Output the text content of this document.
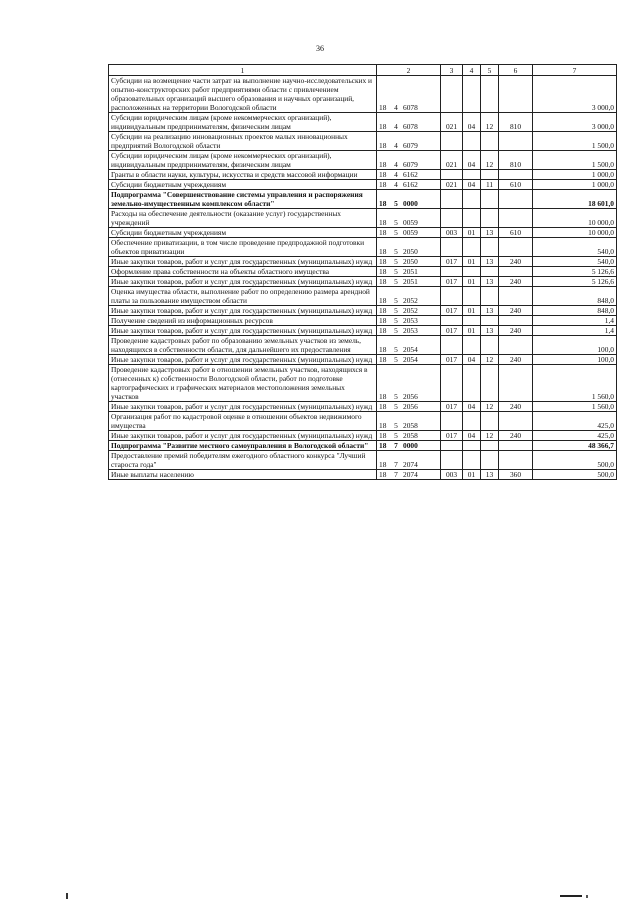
36
1	2	3	4	5	6	7
Субсидии на возмещение части затрат на выполнение научно-исследовательских и опытно-конструкторских работ предприятиями области с привлечением образовательных организаций высшего образования и научных организаций, расположенных на территории Вологодской области	18 4 6078					3 000,0
Субсидии юридическим лицам (кроме некоммерческих организаций), индивидуальным предпринимателям, физическим лицам	18 4 6078	021	04	12	810	3 000,0
Субсидии на реализацию инновационных проектов малых инновационных предприятий Вологодской области	18 4 6079					1 500,0
Субсидии юридическим лицам (кроме некоммерческих организаций), индивидуальным предпринимателям, физическим лицам	18 4 6079	021	04	12	810	1 500,0
Гранты в области науки, культуры, искусства и средств массовой информации	18 4 6162					1 000,0
Субсидии бюджетным учреждениям	18 4 6162	021	04	11	610	1 000,0
Подпрограмма "Совершенствование системы управления и распоряжения земельно-имущественным комплексом области"	18 5 0000					18 601,0
Расходы на обеспечение деятельности (оказание услуг) государственных учреждений	18 5 0059					10 000,0
Субсидии бюджетным учреждениям	18 5 0059	003	01	13	610	10 000,0
Обеспечение приватизации, в том числе проведение предпродажной подготовки объектов приватизации	18 5 2050					540,0
Иные закупки товаров, работ и услуг для государственных (муниципальных) нужд	18 5 2050	017	01	13	240	540,0
Оформление права собственности на объекты областного имущества	18 5 2051					5 126,6
Иные закупки товаров, работ и услуг для государственных (муниципальных) нужд	18 5 2051	017	01	13	240	5 126,6
Оценка имущества области, выполнение работ по определению размера арендной платы за пользование имуществом области	18 5 2052					848,0
Иные закупки товаров, работ и услуг для государственных (муниципальных) нужд	18 5 2052	017	01	13	240	848,0
Получение сведений из информационных ресурсов	18 5 2053					1,4
Иные закупки товаров, работ и услуг для государственных (муниципальных) нужд	18 5 2053	017	01	13	240	1,4
Проведение кадастровых работ по образованию земельных участков из земель, находящихся в собственности области, для дальнейшего их предоставления	18 5 2054					100,0
Иные закупки товаров, работ и услуг для государственных (муниципальных) нужд	18 5 2054	017	04	12	240	100,0
Проведение кадастровых работ в отношении земельных участков, находящихся в (отнесенных к) собственности Вологодской области, работ по подготовке картографических и графических материалов местоположения земельных участков	18 5 2056					1 560,0
Иные закупки товаров, работ и услуг для государственных (муниципальных) нужд	18 5 2056	017	04	12	240	1 560,0
Организация работ по кадастровой оценке в отношении объектов недвижимого имущества	18 5 2058					425,0
Иные закупки товаров, работ и услуг для государственных (муниципальных) нужд	18 5 2058	017	04	12	240	425,0
Подпрограмма "Развитие местного самоуправления в Вологодской области"	18 7 0000					48 366,7
Предоставление премий победителям ежегодного областного конкурса "Лучший староста года"	18 7 2074					500,0
Иные выплаты населению	18 7 2074	003	01	13	360	500,0
